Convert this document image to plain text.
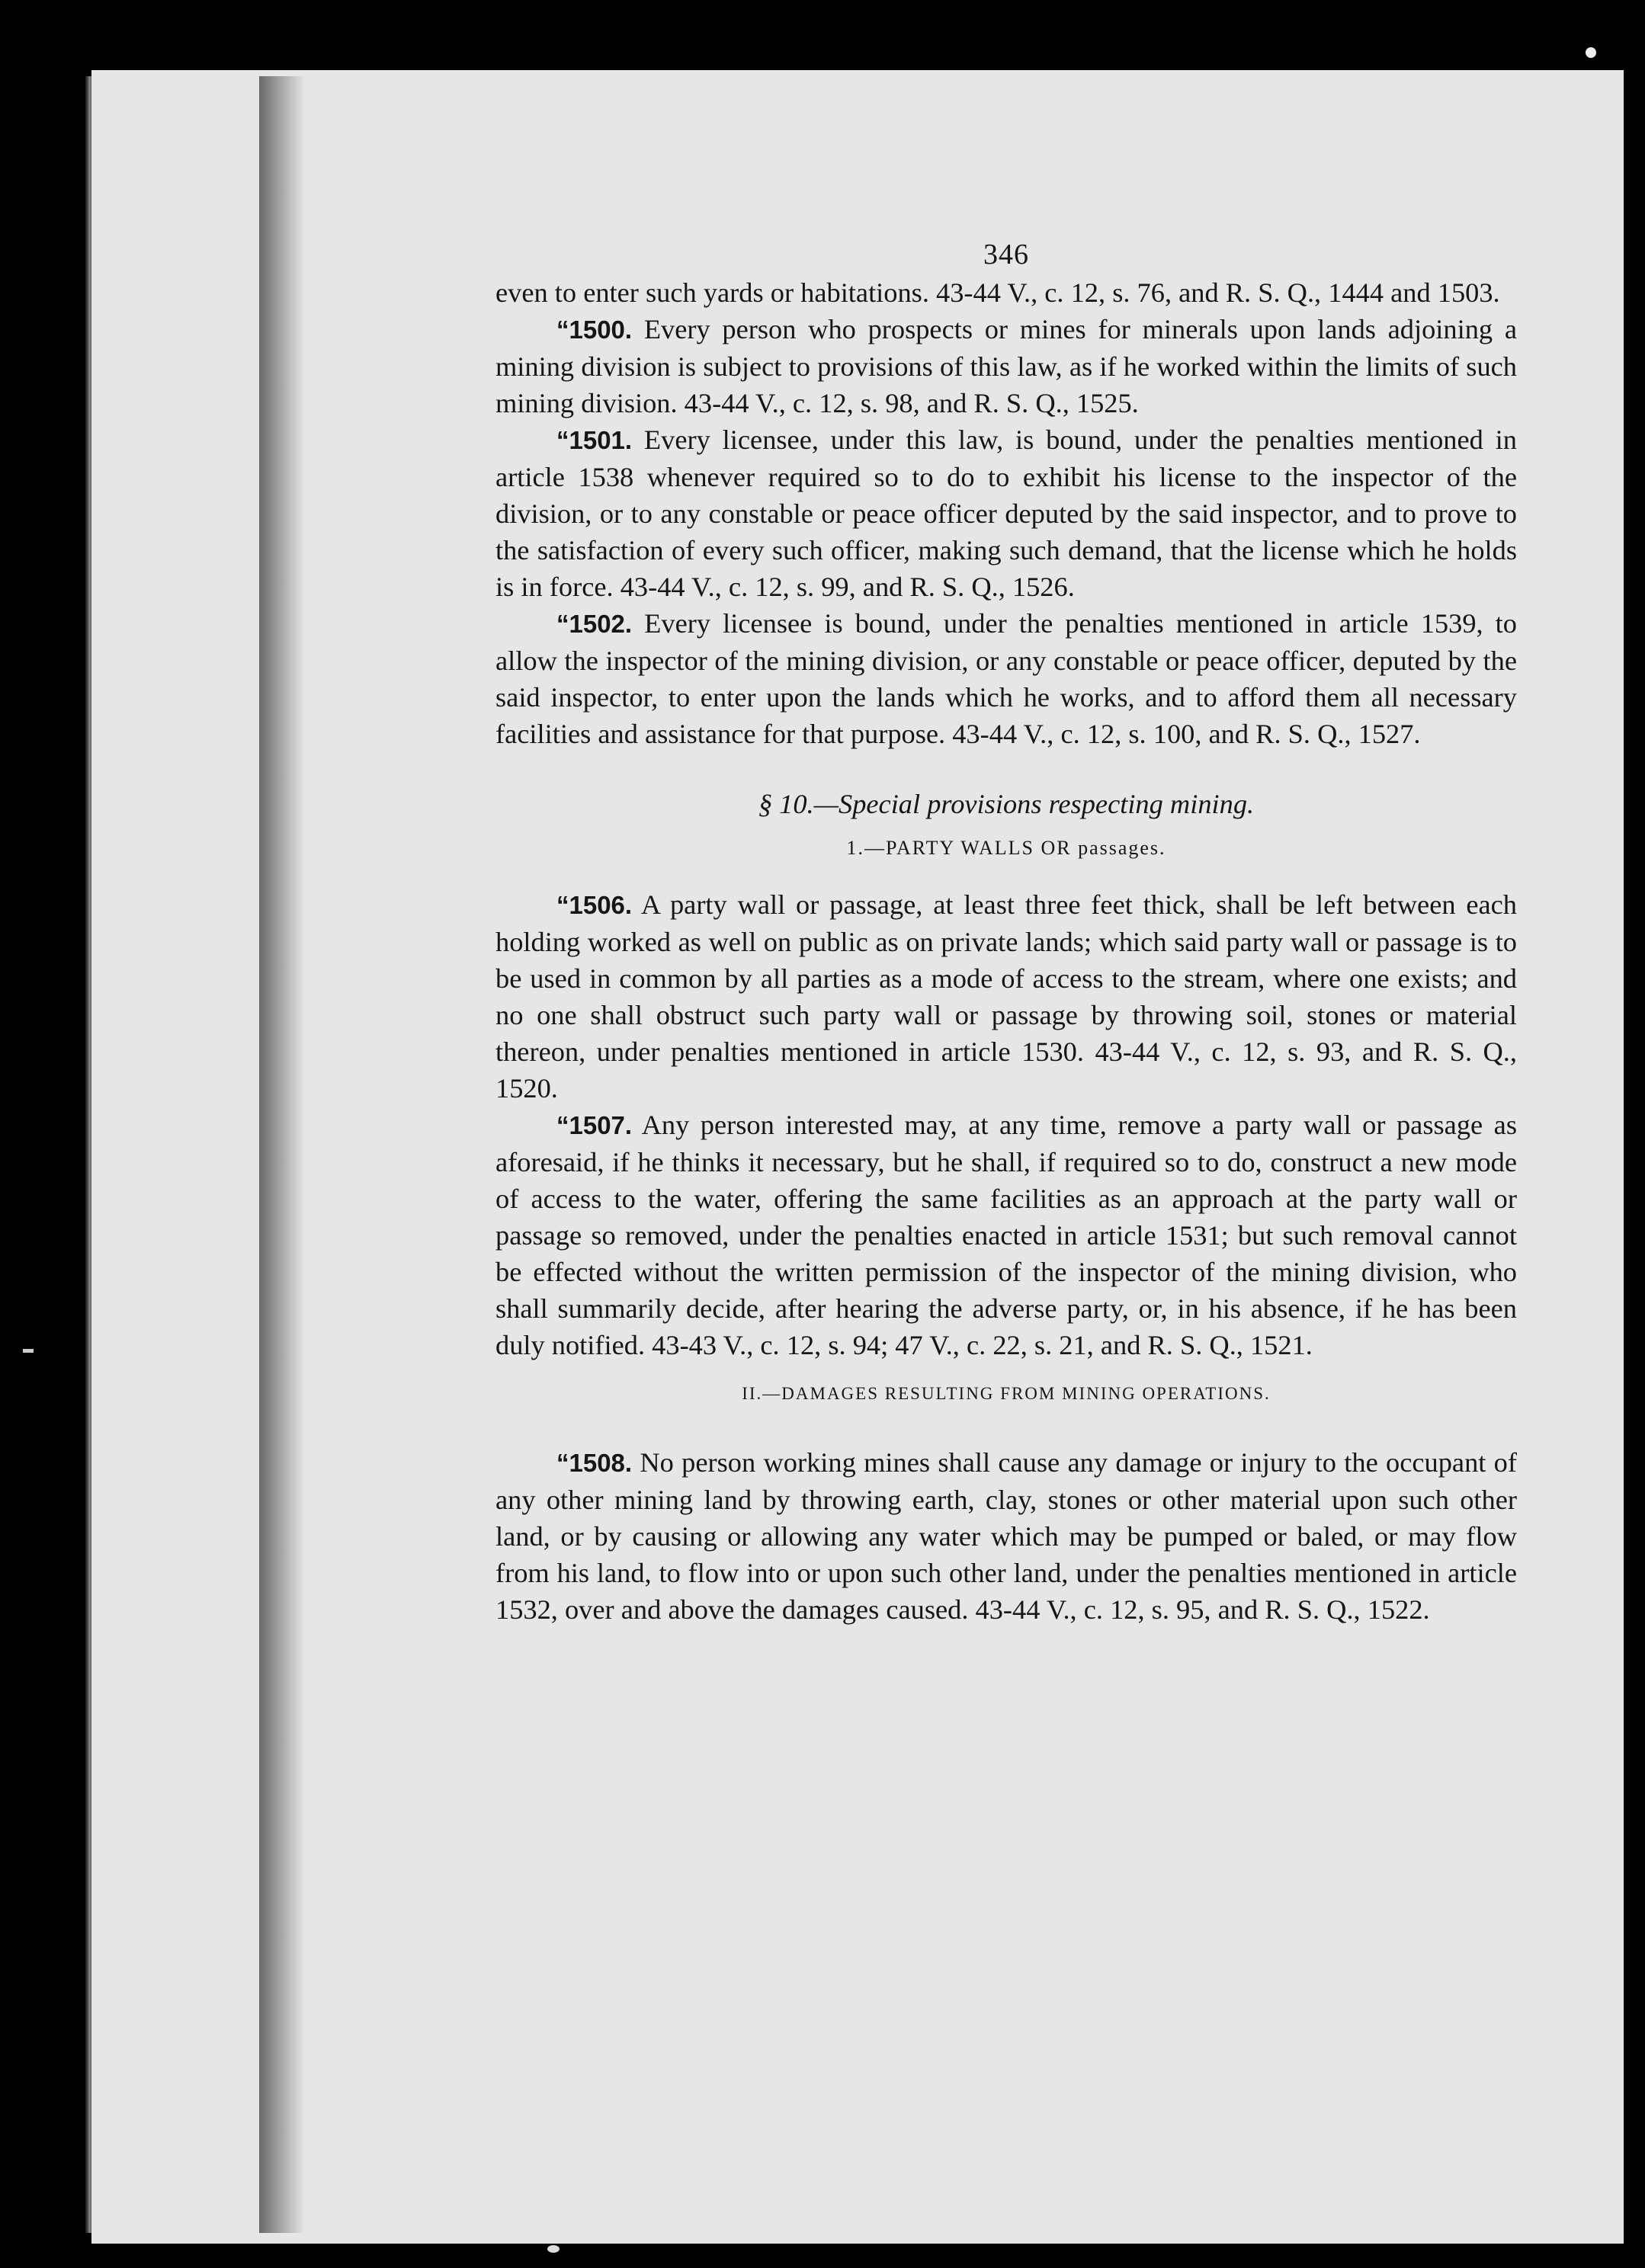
346

even to enter such yards or habitations. 43-44 V., c. 12, s. 76, and R. S. Q., 1444 and 1503.

“1500. Every person who prospects or mines for minerals upon lands adjoining a mining division is subject to provisions of this law, as if he worked within the limits of such mining division. 43-44 V., c. 12, s. 98, and R. S. Q., 1525.

“1501. Every licensee, under this law, is bound, under the penalties mentioned in article 1538 whenever required so to do to exhibit his license to the inspector of the division, or to any constable or peace officer deputed by the said inspector, and to prove to the satisfaction of every such officer, making such demand, that the license which he holds is in force. 43-44 V., c. 12, s. 99, and R. S. Q., 1526.

“1502. Every licensee is bound, under the penalties mentioned in article 1539, to allow the inspector of the mining division, or any constable or peace officer, deputed by the said inspector, to enter upon the lands which he works, and to afford them all necessary facilities and assistance for that purpose. 43-44 V., c. 12, s. 100, and R. S. Q., 1527.

§ 10.—Special provisions respecting mining.
1.—PARTY WALLS OR passages.

“1506. A party wall or passage, at least three feet thick, shall be left between each holding worked as well on public as on private lands; which said party wall or passage is to be used in common by all parties as a mode of access to the stream, where one exists; and no one shall obstruct such party wall or passage by throwing soil, stones or material thereon, under penalties mentioned in article 1530. 43-44 V., c. 12, s. 93, and R. S. Q., 1520.

“1507. Any person interested may, at any time, remove a party wall or passage as aforesaid, if he thinks it necessary, but he shall, if required so to do, construct a new mode of access to the water, offering the same facilities as an approach at the party wall or passage so removed, under the penalties enacted in article 1531; but such removal cannot be effected without the written permission of the inspector of the mining division, who shall summarily decide, after hearing the adverse party, or, in his absence, if he has been duly notified. 43-43 V., c. 12, s. 94; 47 V., c. 22, s. 21, and R. S. Q., 1521.

II.—DAMAGES RESULTING FROM MINING OPERATIONS.

“1508. No person working mines shall cause any damage or injury to the occupant of any other mining land by throwing earth, clay, stones or other material upon such other land, or by causing or allowing any water which may be pumped or baled, or may flow from his land, to flow into or upon such other land, under the penalties mentioned in article 1532, over and above the damages caused. 43-44 V., c. 12, s. 95, and R. S. Q., 1522.
